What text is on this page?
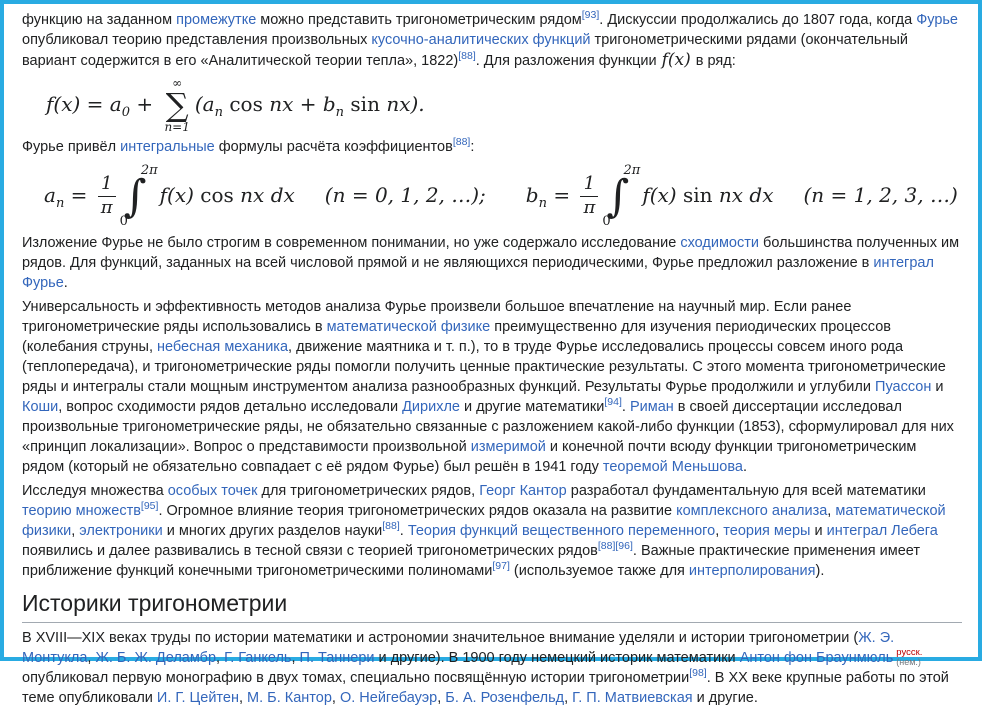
функцию на заданном промежутке можно представить тригонометрическим рядом[93]. Дискуссии продолжались до 1807 года, когда Фурье опубликовал теорию представления произвольных кусочно-аналитических функций тригонометрическими рядами (окончательный вариант содержится в его «Аналитической теории тепла», 1822)[88]. Для разложения функции f(x) в ряд:

$f(x) = a_0$ +
∞
∑
n=1
($a_n$ cos nx + $b_n$ sin nx).

Фурье привёл интегральные формулы расчёта коэффициентов[88]:

$a_n = \frac{1}{\pi}$ ∫
2π
0
f(x) cos nx dx (n = 0, 1, 2, …); $b_n = \frac{1}{\pi}$ ∫
2π
0
f(x) sin nx dx (n = 1, 2, 3, …)

Изложение Фурье не было строгим в современном понимании, но уже содержало исследование сходимости большинства полученных им рядов. Для функций, заданных на всей числовой прямой и не являющихся периодическими, Фурье предложил разложение в интеграл Фурье.

Универсальность и эффективность методов анализа Фурье произвели большое впечатление на научный мир. Если ранее тригонометрические ряды использовались в математической физике преимущественно для изучения периодических процессов (колебания струны, небесная механика, движение маятника и т. п.), то в труде Фурье исследовались процессы совсем иного рода (теплопередача), и тригонометрические ряды помогли получить ценные практические результаты. С этого момента тригонометрические ряды и интегралы стали мощным инструментом анализа разнообразных функций. Результаты Фурье продолжили и углубили Пуассон и Коши, вопрос сходимости рядов детально исследовали Дирихле и другие математики[94]. Риман в своей диссертации исследовал произвольные тригонометрические ряды, не обязательно связанные с разложением какой-либо функции (1853), сформулировал для них «принцип локализации». Вопрос о представимости произвольной измеримой и конечной почти всюду функции тригонометрическим рядом (который не обязательно совпадает с её рядом Фурье) был решён в 1941 году теоремой Меньшова.

Исследуя множества особых точек для тригонометрических рядов, Георг Кантор разработал фундаментальную для всей математики теорию множеств[95]. Огромное влияние теория тригонометрических рядов оказала на развитие комплексного анализа, математической физики, электроники и многих других разделов науки[88]. Теория функций вещественного переменного, теория меры и интеграл Лебега появились и далее развивались в тесной связи с теорией тригонометрических рядов[88][96]. Важные практические применения имеет приближение функций конечными тригонометрическими полиномами[97] (используемое также для интерполирования).

Историки тригонометрии

В XVIII—XIX веках труды по истории математики и астрономии значительное внимание уделяли и истории тригонометрии (Ж. Э. Монтукла, Ж. Б. Ж. Деламбр, Г. Ганкель, П. Таннери и другие). В 1900 году немецкий историк математики Антон фон Браунмюль русск.
(нем.)
опубликовал первую монографию в двух томах, специально посвящённую истории тригонометрии[98]. В XX веке крупные работы по этой теме опубликовали И. Г. Цейтен, М. Б. Кантор, О. Нейгебауэр, Б. А. Розенфельд, Г. П. Матвиевская и другие.
